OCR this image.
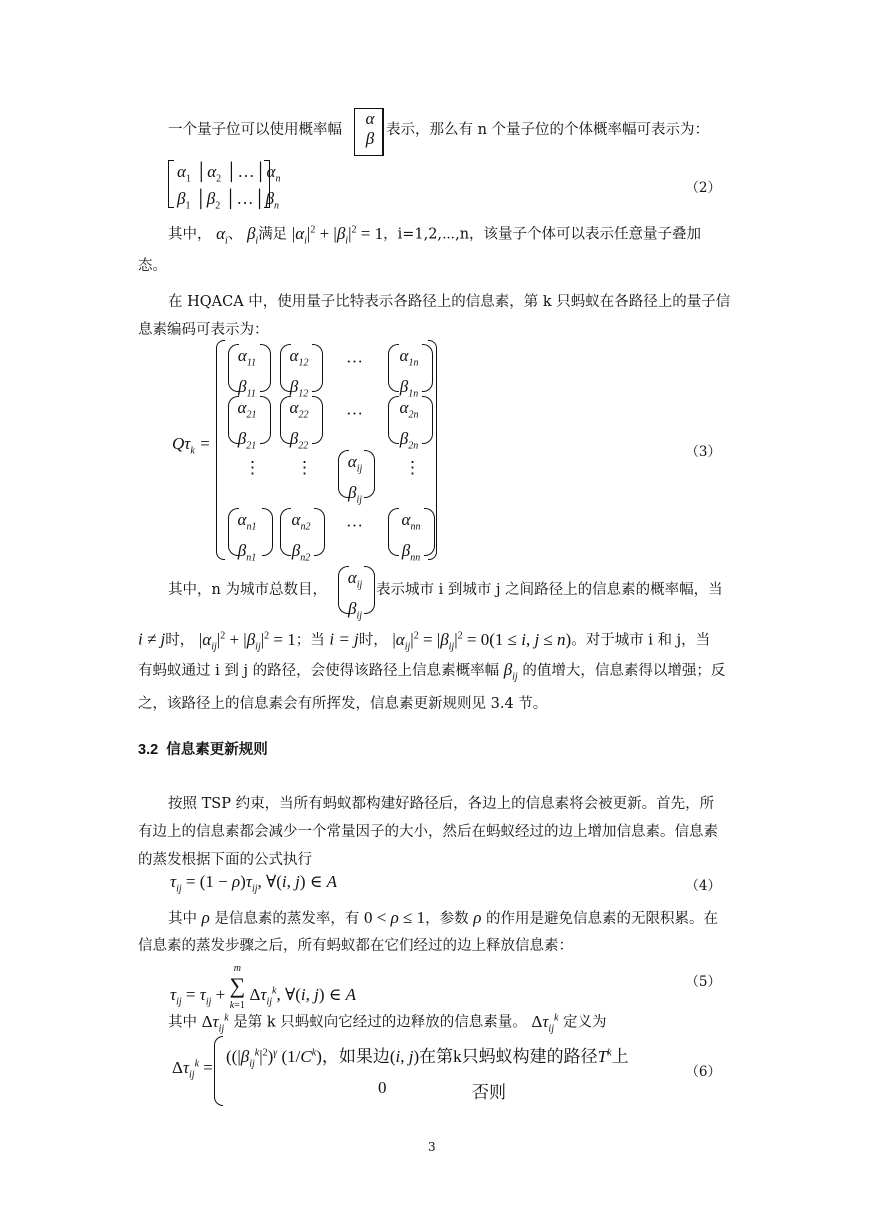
一个量子位可以使用概率幅
α
β 表示，那么有 n 个量子位的个体概率幅可表示为：
$\alpha_1$ $│\alpha_2$ $│\dots│\alpha_n$
$\beta_1$ $│\beta_2$ $│\dots│\beta_n$
（2）
其中， $\alpha_i$、 $\beta_i$满足 $|\alpha_i|^2 + |\beta_i|^2 = 1$，i=1,2,⋯,n，该量子个体可以表示任意量子叠加
态。
在 HQACA 中，使用量子比特表示各路径上的信息素，第 k 只蚂蚁在各路径上的量子信
息素编码可表示为：
$Q\tau_k$ =
$\alpha_{11}$
$\beta_{11}$
$\alpha_{12}$
$\beta_{12}$
···	$\alpha_{1n}$
$\beta_{1n}$
$\alpha_{21}$
$\beta_{21}$
$\alpha_{22}$
$\beta_{22}$
···	$\alpha_{2n}$
$\beta_{2n}$
⋮ ⋮	$\alpha_{ij}$
$\beta_{ij}$
⋮
$\alpha_{n1}$
$\beta_{n1}$
$\alpha_{n2}$
$\beta_{n2}$
···	$\alpha_{nn}$
$\beta_{nn}$
（3）
其中，n 为城市总数目，
$\alpha_{ij}$
$\beta_{ij}$
表示城市 i 到城市 j 之间路径上的信息素的概率幅，当
i ≠ j时， $|\alpha_{ij}|^2 + |\beta_{ij}|^2 = 1$；当 i = j时， $|\alpha_{ij}|^2 = |\beta_{ij}|^2 = 0(1 \le i$, j ≤ n)。对于城市 i 和 j，当
有蚂蚁通过 i 到 j 的路径，会使得该路径上信息素概率幅 $\beta_{ij}$ 的值增大，信息素得以增强；反
之，该路径上的信息素会有所挥发，信息素更新规则见 3.4 节。
3.2 信息素更新规则
按照 TSP 约束，当所有蚂蚁都构建好路径后，各边上的信息素将会被更新。首先，所
有边上的信息素都会减少一个常量因子的大小，然后在蚂蚁经过的边上增加信息素。信息素
的蒸发根据下面的公式执行
$\tau_{ij} = (1 - \rho)\tau_{ij}$, ∀(i, j) ∈ A	（4）
其中 ρ 是信息素的蒸发率，有 0 < ρ ≤ 1，参数 ρ 的作用是避免信息素的无限积累。在
信息素的蒸发步骤之后，所有蚂蚁都在它们经过的边上释放信息素：
$\tau_{ij} = \tau_{ij} + m$
∑
k=1 $\Delta\tau_{ij}^k$, ∀(i, j) ∈ A
（5）
其中 $\Delta\tau_{ij}^k$ 是第 k 只蚂蚁向它经过的边释放的信息素量。 $\Delta\tau_{ij}^k$ 定义为
$\Delta\tau_{ij}^k$ =
($(|\beta_{ij}^k|^2)^\gamma$ $(1/C^k)$，如果边(i, j)在第k只蚂蚁构建的路径$T^k$上
0	否则
（6）
3
